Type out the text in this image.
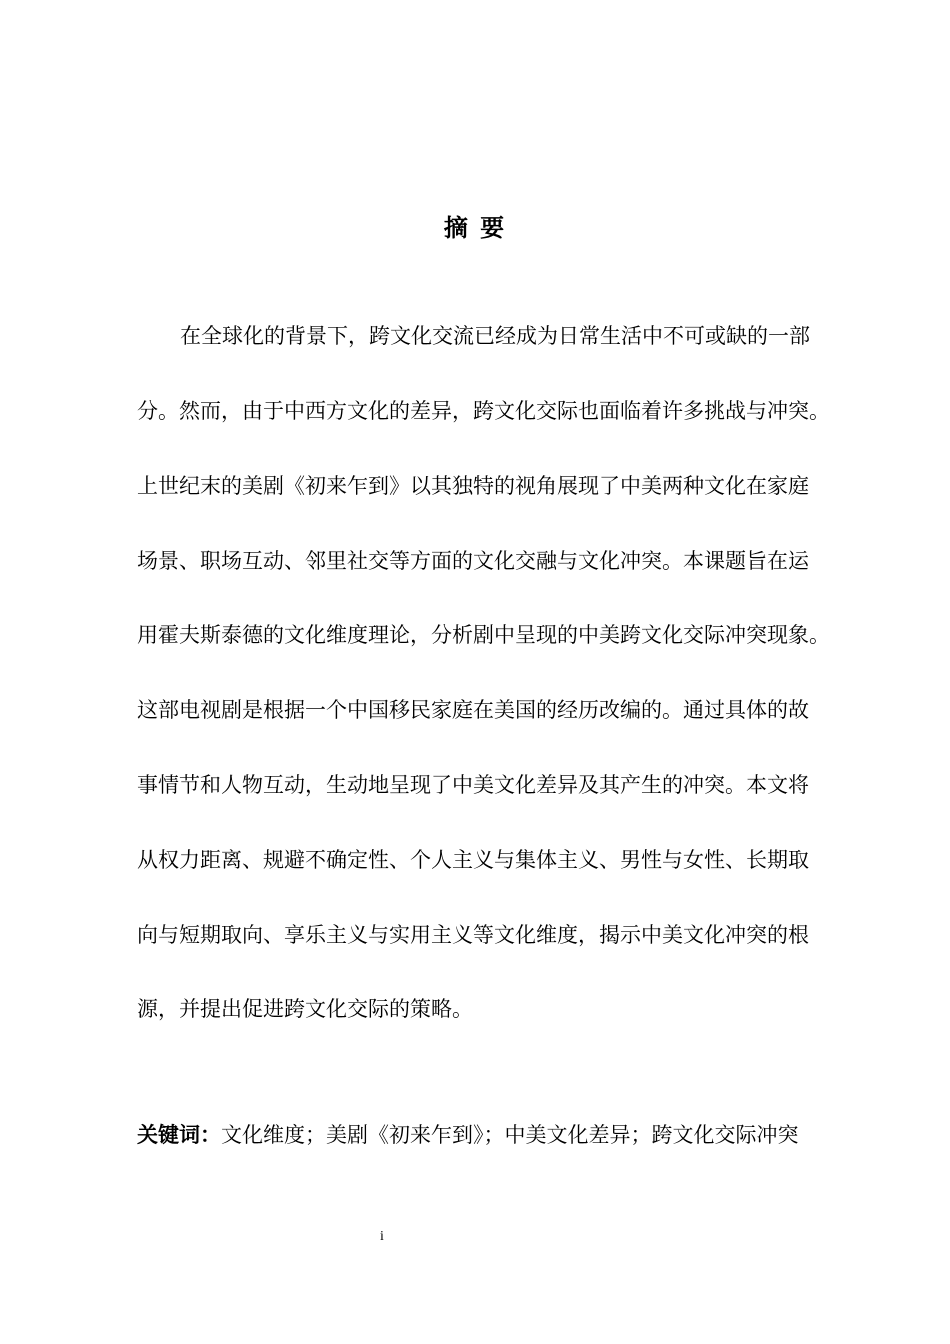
摘 要

在全球化的背景下，跨文化交流已经成为日常生活中不可或缺的一部

分。然而，由于中西方文化的差异，跨文化交际也面临着许多挑战与冲突。

上世纪末的美剧《初来乍到》以其独特的视角展现了中美两种文化在家庭

场景、职场互动、邻里社交等方面的文化交融与文化冲突。本课题旨在运

用霍夫斯泰德的文化维度理论，分析剧中呈现的中美跨文化交际冲突现象。

这部电视剧是根据一个中国移民家庭在美国的经历改编的。通过具体的故

事情节和人物互动，生动地呈现了中美文化差异及其产生的冲突。本文将

从权力距离、规避不确定性、个人主义与集体主义、男性与女性、长期取

向与短期取向、享乐主义与实用主义等文化维度，揭示中美文化冲突的根

源，并提出促进跨文化交际的策略。

关键词：文化维度；美剧《初来乍到》；中美文化差异；跨文化交际冲突

i
